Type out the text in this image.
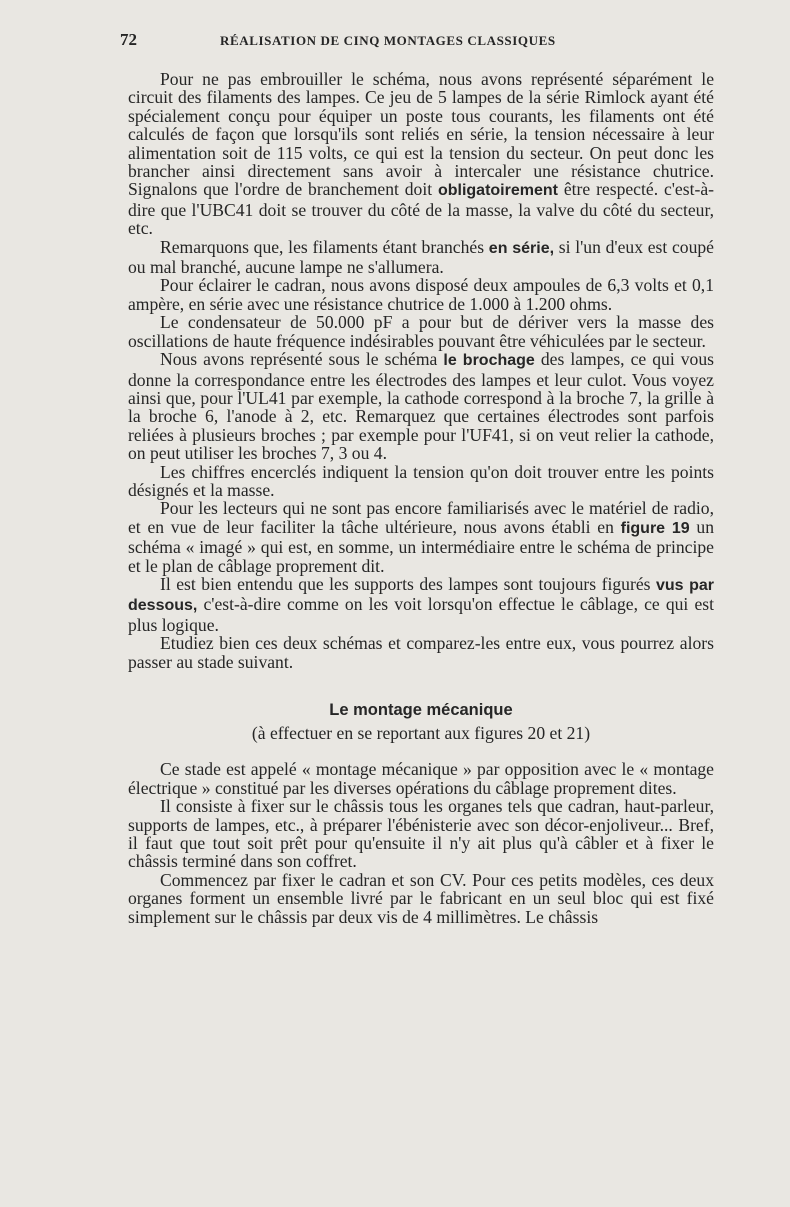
72	RÉALISATION DE CINQ MONTAGES CLASSIQUES

Pour ne pas embrouiller le schéma, nous avons représenté séparément le circuit des filaments des lampes. Ce jeu de 5 lampes de la série Rimlock ayant été spécialement conçu pour équiper un poste tous courants, les filaments ont été calculés de façon que lorsqu'ils sont reliés en série, la tension nécessaire à leur alimentation soit de 115 volts, ce qui est la tension du secteur. On peut donc les brancher ainsi directement sans avoir à intercaler une résistance chutrice. Signalons que l'ordre de branchement doit obligatoirement être respecté. c'est-à-dire que l'UBC41 doit se trouver du côté de la masse, la valve du côté du secteur, etc.

Remarquons que, les filaments étant branchés en série, si l'un d'eux est coupé ou mal branché, aucune lampe ne s'allumera.

Pour éclairer le cadran, nous avons disposé deux ampoules de 6,3 volts et 0,1 ampère, en série avec une résistance chutrice de 1.000 à 1.200 ohms.

Le condensateur de 50.000 pF a pour but de dériver vers la masse des oscillations de haute fréquence indésirables pouvant être véhiculées par le secteur.

Nous avons représenté sous le schéma le brochage des lampes, ce qui vous donne la correspondance entre les électrodes des lampes et leur culot. Vous voyez ainsi que, pour l'UL41 par exemple, la cathode correspond à la broche 7, la grille à la broche 6, l'anode à 2, etc. Remarquez que certaines électrodes sont parfois reliées à plusieurs broches ; par exemple pour l'UF41, si on veut relier la cathode, on peut utiliser les broches 7, 3 ou 4.

Les chiffres encerclés indiquent la tension qu'on doit trouver entre les points désignés et la masse.

Pour les lecteurs qui ne sont pas encore familiarisés avec le matériel de radio, et en vue de leur faciliter la tâche ultérieure, nous avons établi en figure 19 un schéma « imagé » qui est, en somme, un intermédiaire entre le schéma de principe et le plan de câblage proprement dit.

Il est bien entendu que les supports des lampes sont toujours figurés vus par dessous, c'est-à-dire comme on les voit lorsqu'on effectue le câblage, ce qui est plus logique.

Etudiez bien ces deux schémas et comparez-les entre eux, vous pourrez alors passer au stade suivant.

Le montage mécanique

(à effectuer en se reportant aux figures 20 et 21)

Ce stade est appelé « montage mécanique » par opposition avec le « montage électrique » constitué par les diverses opérations du câblage proprement dites.

Il consiste à fixer sur le châssis tous les organes tels que cadran, haut-parleur, supports de lampes, etc., à préparer l'ébénisterie avec son décor-enjoliveur... Bref, il faut que tout soit prêt pour qu'ensuite il n'y ait plus qu'à câbler et à fixer le châssis terminé dans son coffret.

Commencez par fixer le cadran et son CV. Pour ces petits modèles, ces deux organes forment un ensemble livré par le fabricant en un seul bloc qui est fixé simplement sur le châssis par deux vis de 4 millimètres. Le châssis
